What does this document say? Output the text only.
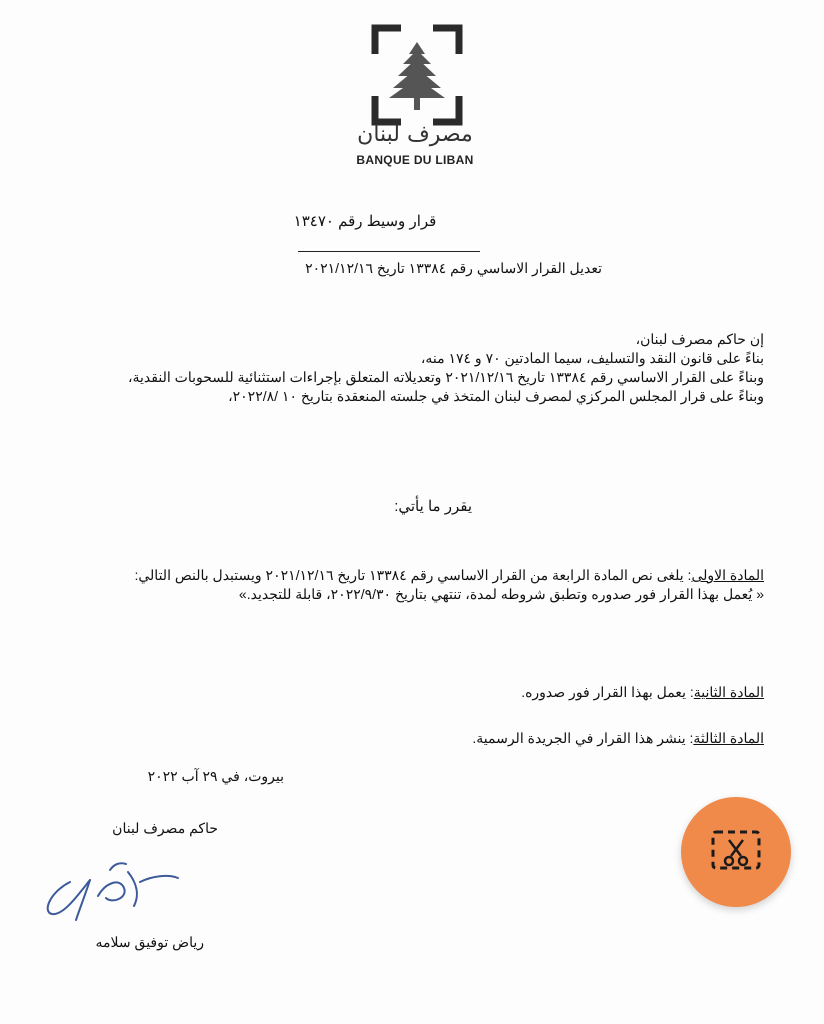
مصرف لبنان
BANQUE DU LIBAN
قرار وسيط رقم ١٣٤٧٠
تعديل القرار الاساسي رقم ١٣٣٨٤ تاريخ ٢٠٢١/١٢/١٦

إن حاكم مصرف لبنان،

بناءً على قانون النقد والتسليف، سيما المادتين ٧٠ و ١٧٤ منه،

وبناءً على القرار الاساسي رقم ١٣٣٨٤ تاريخ ٢٠٢١/١٢/١٦ وتعديلاته المتعلق بإجراءات استثنائية للسحوبات النقدية،

وبناءً على قرار المجلس المركزي لمصرف لبنان المتخذ في جلسته المنعقدة بتاريخ ١٠ /٢٠٢٢/٨،

يقرر ما يأتي:

المادة الاولى: يلغى نص المادة الرابعة من القرار الاساسي رقم ١٣٣٨٤ تاريخ ٢٠٢١/١٢/١٦ ويستبدل بالنص التالي:

« يُعمل بهذا القرار فور صدوره وتطبق شروطه لمدة، تنتهي بتاريخ ٢٠٢٢/٩/٣٠، قابلة للتجديد.»

المادة الثانية: يعمل بهذا القرار فور صدوره.

المادة الثالثة: ينشر هذا القرار في الجريدة الرسمية.

بيروت، في ٢٩ آب ٢٠٢٢
حاكم مصرف لبنان
رياض توفيق سلامه
